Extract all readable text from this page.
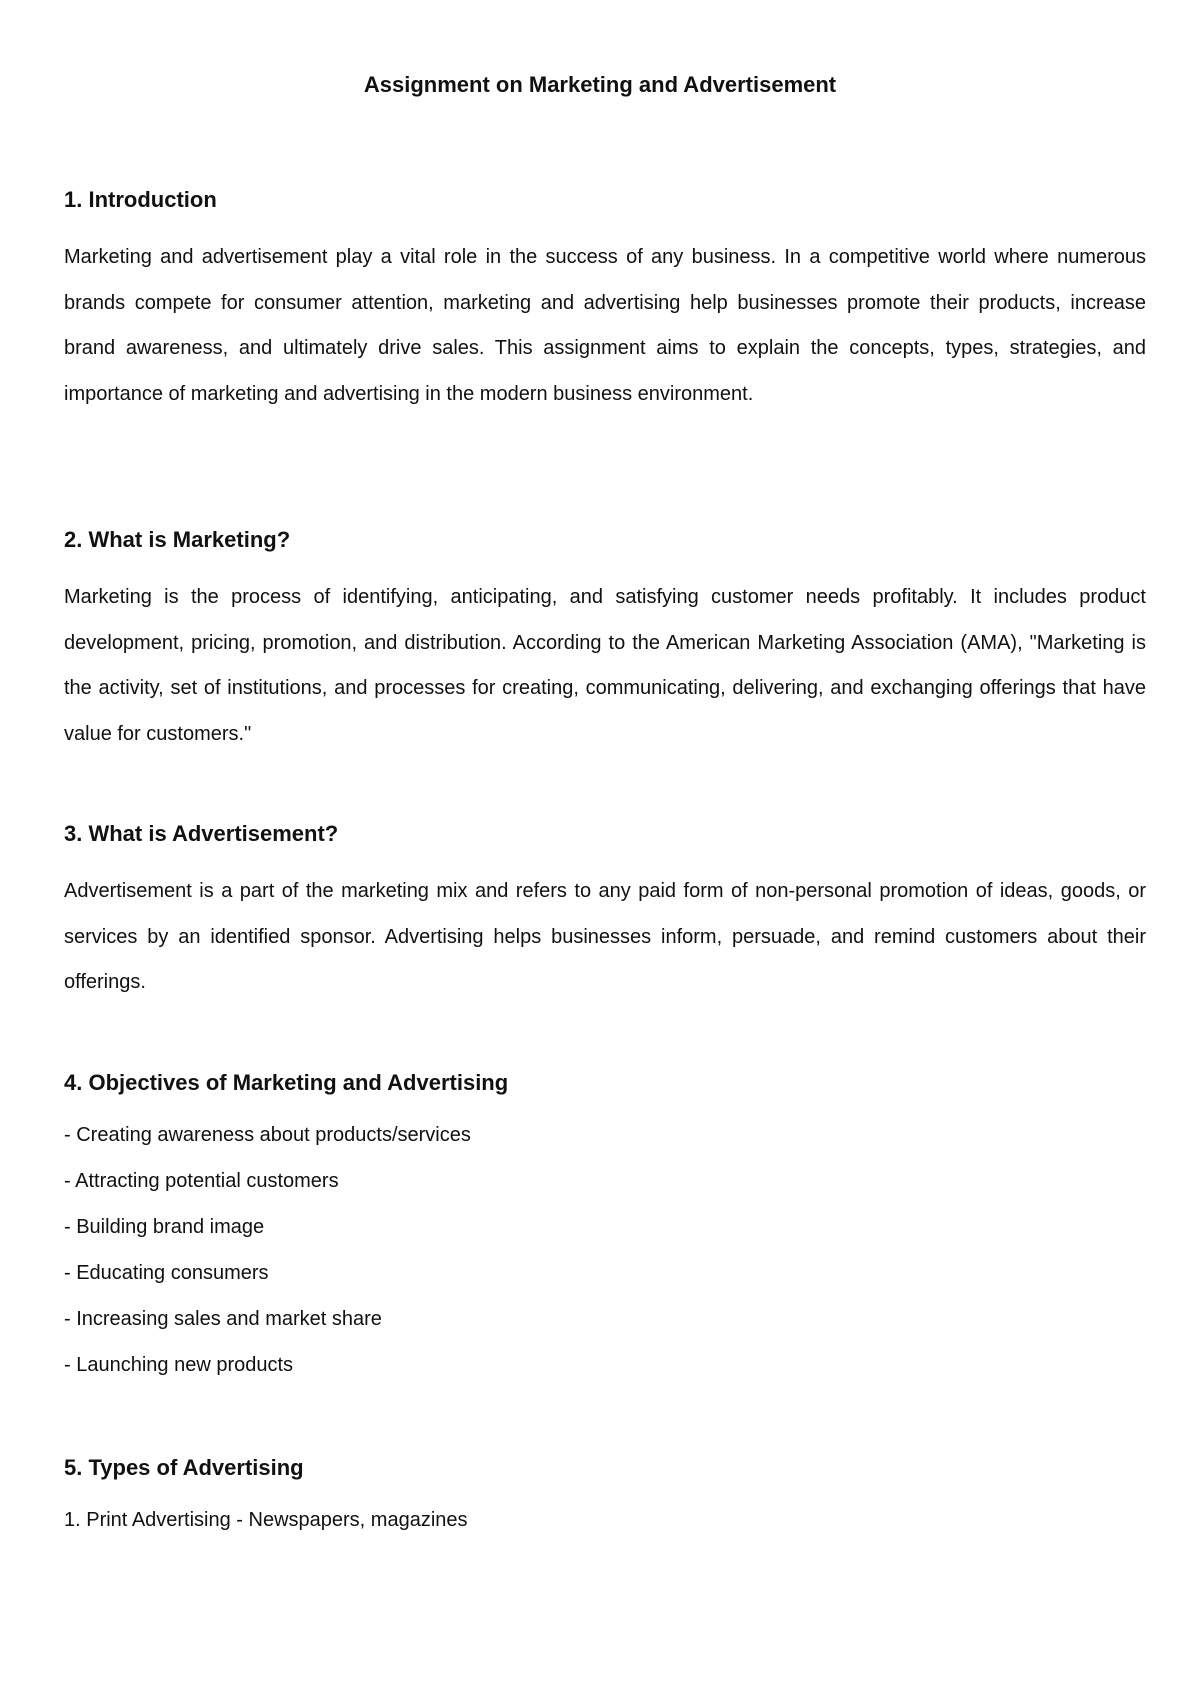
Assignment on Marketing and Advertisement
1. Introduction

Marketing and advertisement play a vital role in the success of any business. In a competitive world where numerous brands compete for consumer attention, marketing and advertising help businesses promote their products, increase brand awareness, and ultimately drive sales. This assignment aims to explain the concepts, types, strategies, and importance of marketing and advertising in the modern business environment.

2. What is Marketing?

Marketing is the process of identifying, anticipating, and satisfying customer needs profitably. It includes product development, pricing, promotion, and distribution. According to the American Marketing Association (AMA), "Marketing is the activity, set of institutions, and processes for creating, communicating, delivering, and exchanging offerings that have value for customers."

3. What is Advertisement?

Advertisement is a part of the marketing mix and refers to any paid form of non-personal promotion of ideas, goods, or services by an identified sponsor. Advertising helps businesses inform, persuade, and remind customers about their offerings.

4. Objectives of Marketing and Advertising

- Creating awareness about products/services

- Attracting potential customers

- Building brand image

- Educating consumers

- Increasing sales and market share

- Launching new products

5. Types of Advertising

1. Print Advertising - Newspapers, magazines
